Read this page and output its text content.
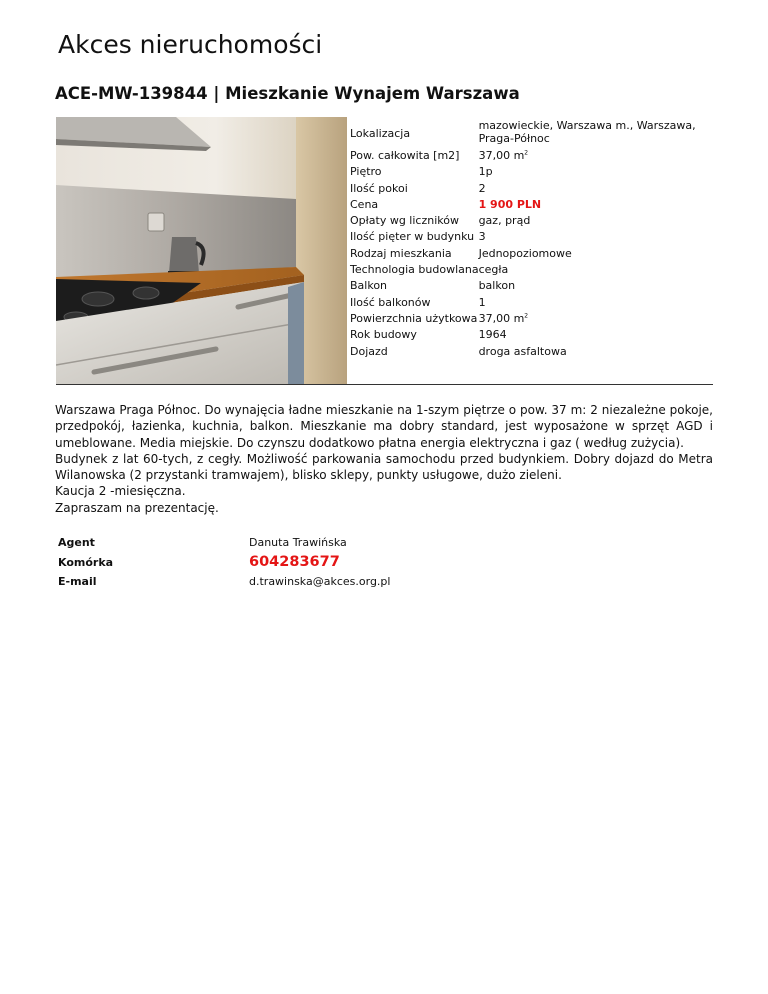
Akces nieruchomości
ACE-MW-139844 | Mieszkanie Wynajem Warszawa
Lokalizacja	mazowieckie, Warszawa m., Warszawa, Praga-Północ
Pow. całkowita [m2]	37,00 $m^2$
Piętro	1p
Ilość pokoi	2
Cena	1 900 PLN
Opłaty wg liczników	gaz, prąd
Ilość pięter w budynku	3
Rodzaj mieszkania	Jednopoziomowe
Technologia budowlana	cegła
Balkon	balkon
Ilość balkonów	1
Powierzchnia użytkowa	37,00 $m^2$
Rok budowy	1964
Dojazd	droga asfaltowa

Warszawa Praga Północ. Do wynajęcia ładne mieszkanie na 1-szym piętrze o pow. 37 m: 2 niezależne pokoje, przedpokój, łazienka, kuchnia, balkon. Mieszkanie ma dobry standard, jest wyposażone w sprzęt AGD i umeblowane. Media miejskie. Do czynszu dodatkowo płatna energia elektryczna i gaz ( według zużycia).

Budynek z lat 60-tych, z cegły. Możliwość parkowania samochodu przed budynkiem. Dobry dojazd do Metra Wilanowska (2 przystanki tramwajem), blisko sklepy, punkty usługowe, dużo zieleni.

Kaucja 2 -miesięczna.

Zapraszam na prezentację.

Agent	Danuta Trawińska
Komórka	604283677
E-mail	d.trawinska@akces.org.pl
